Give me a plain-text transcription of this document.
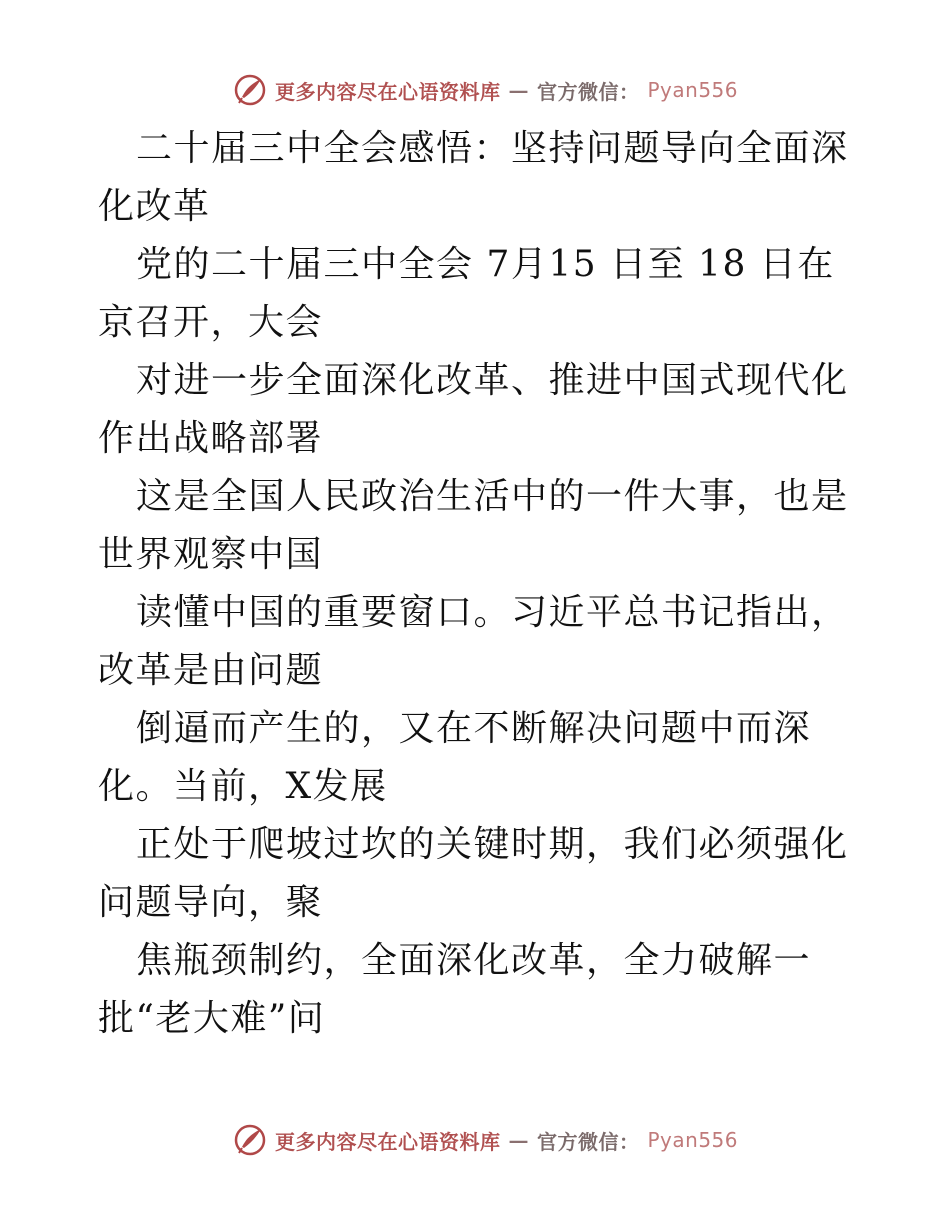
更多内容尽在心语资料库 — 官方微信： Pyan556

二十届三中全会感悟：坚持问题导向全面深化改革

党的二十届三中全会 7月15 日至 18 日在京召开，大会

对进一步全面深化改革、推进中国式现代化作出战略部署

这是全国人民政治生活中的一件大事，也是世界观察中国

读懂中国的重要窗口。习近平总书记指出，改革是由问题

倒逼而产生的，又在不断解决问题中而深化。当前，X发展

正处于爬坡过坎的关键时期，我们必须强化问题导向，聚

焦瓶颈制约，全面深化改革，全力破解一批“老大难”问

更多内容尽在心语资料库 — 官方微信： Pyan556
